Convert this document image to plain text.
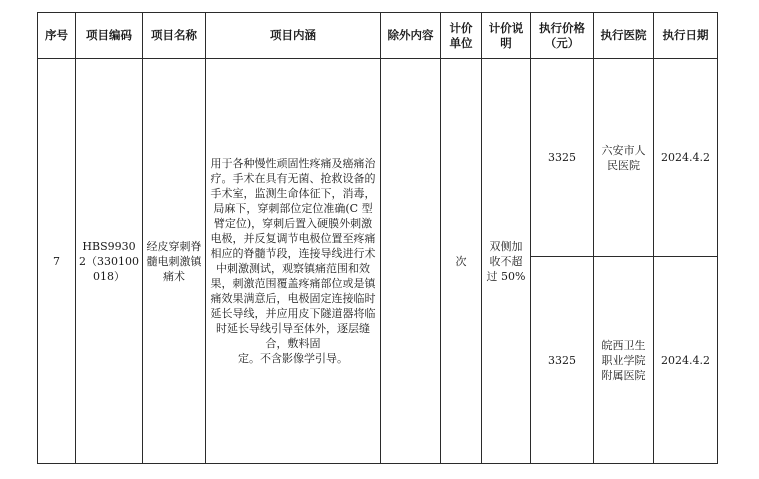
序号	项目编码	项目名称	项目内涵	除外内容	计价单位	计价说明	执行价格（元）	执行医院	执行日期
7	HBS99302（330100018）	经皮穿刺脊髓电刺激镇痛术	用于各种慢性顽固性疼痛及癌痛治疗。手术在具有无菌、抢救设备的手术室，监测生命体征下，消毒，局麻下，穿刺部位定位准确(C 型臂定位)，穿刺后置入硬膜外刺激电极，并反复调节电极位置至疼痛相应的脊髓节段，连接导线进行术中刺激测试，观察镇痛范围和效果，刺激范围覆盖疼痛部位或是镇痛效果满意后，电极固定连接临时延长导线，并应用皮下隧道器将临时延长导线引导至体外，逐层缝合，敷料固
定。不含影像学引导。		次	双侧加收不超过 50%	3325	六安市人民医院	2024.4.2
							3325	皖西卫生职业学院附属医院	2024.4.2
